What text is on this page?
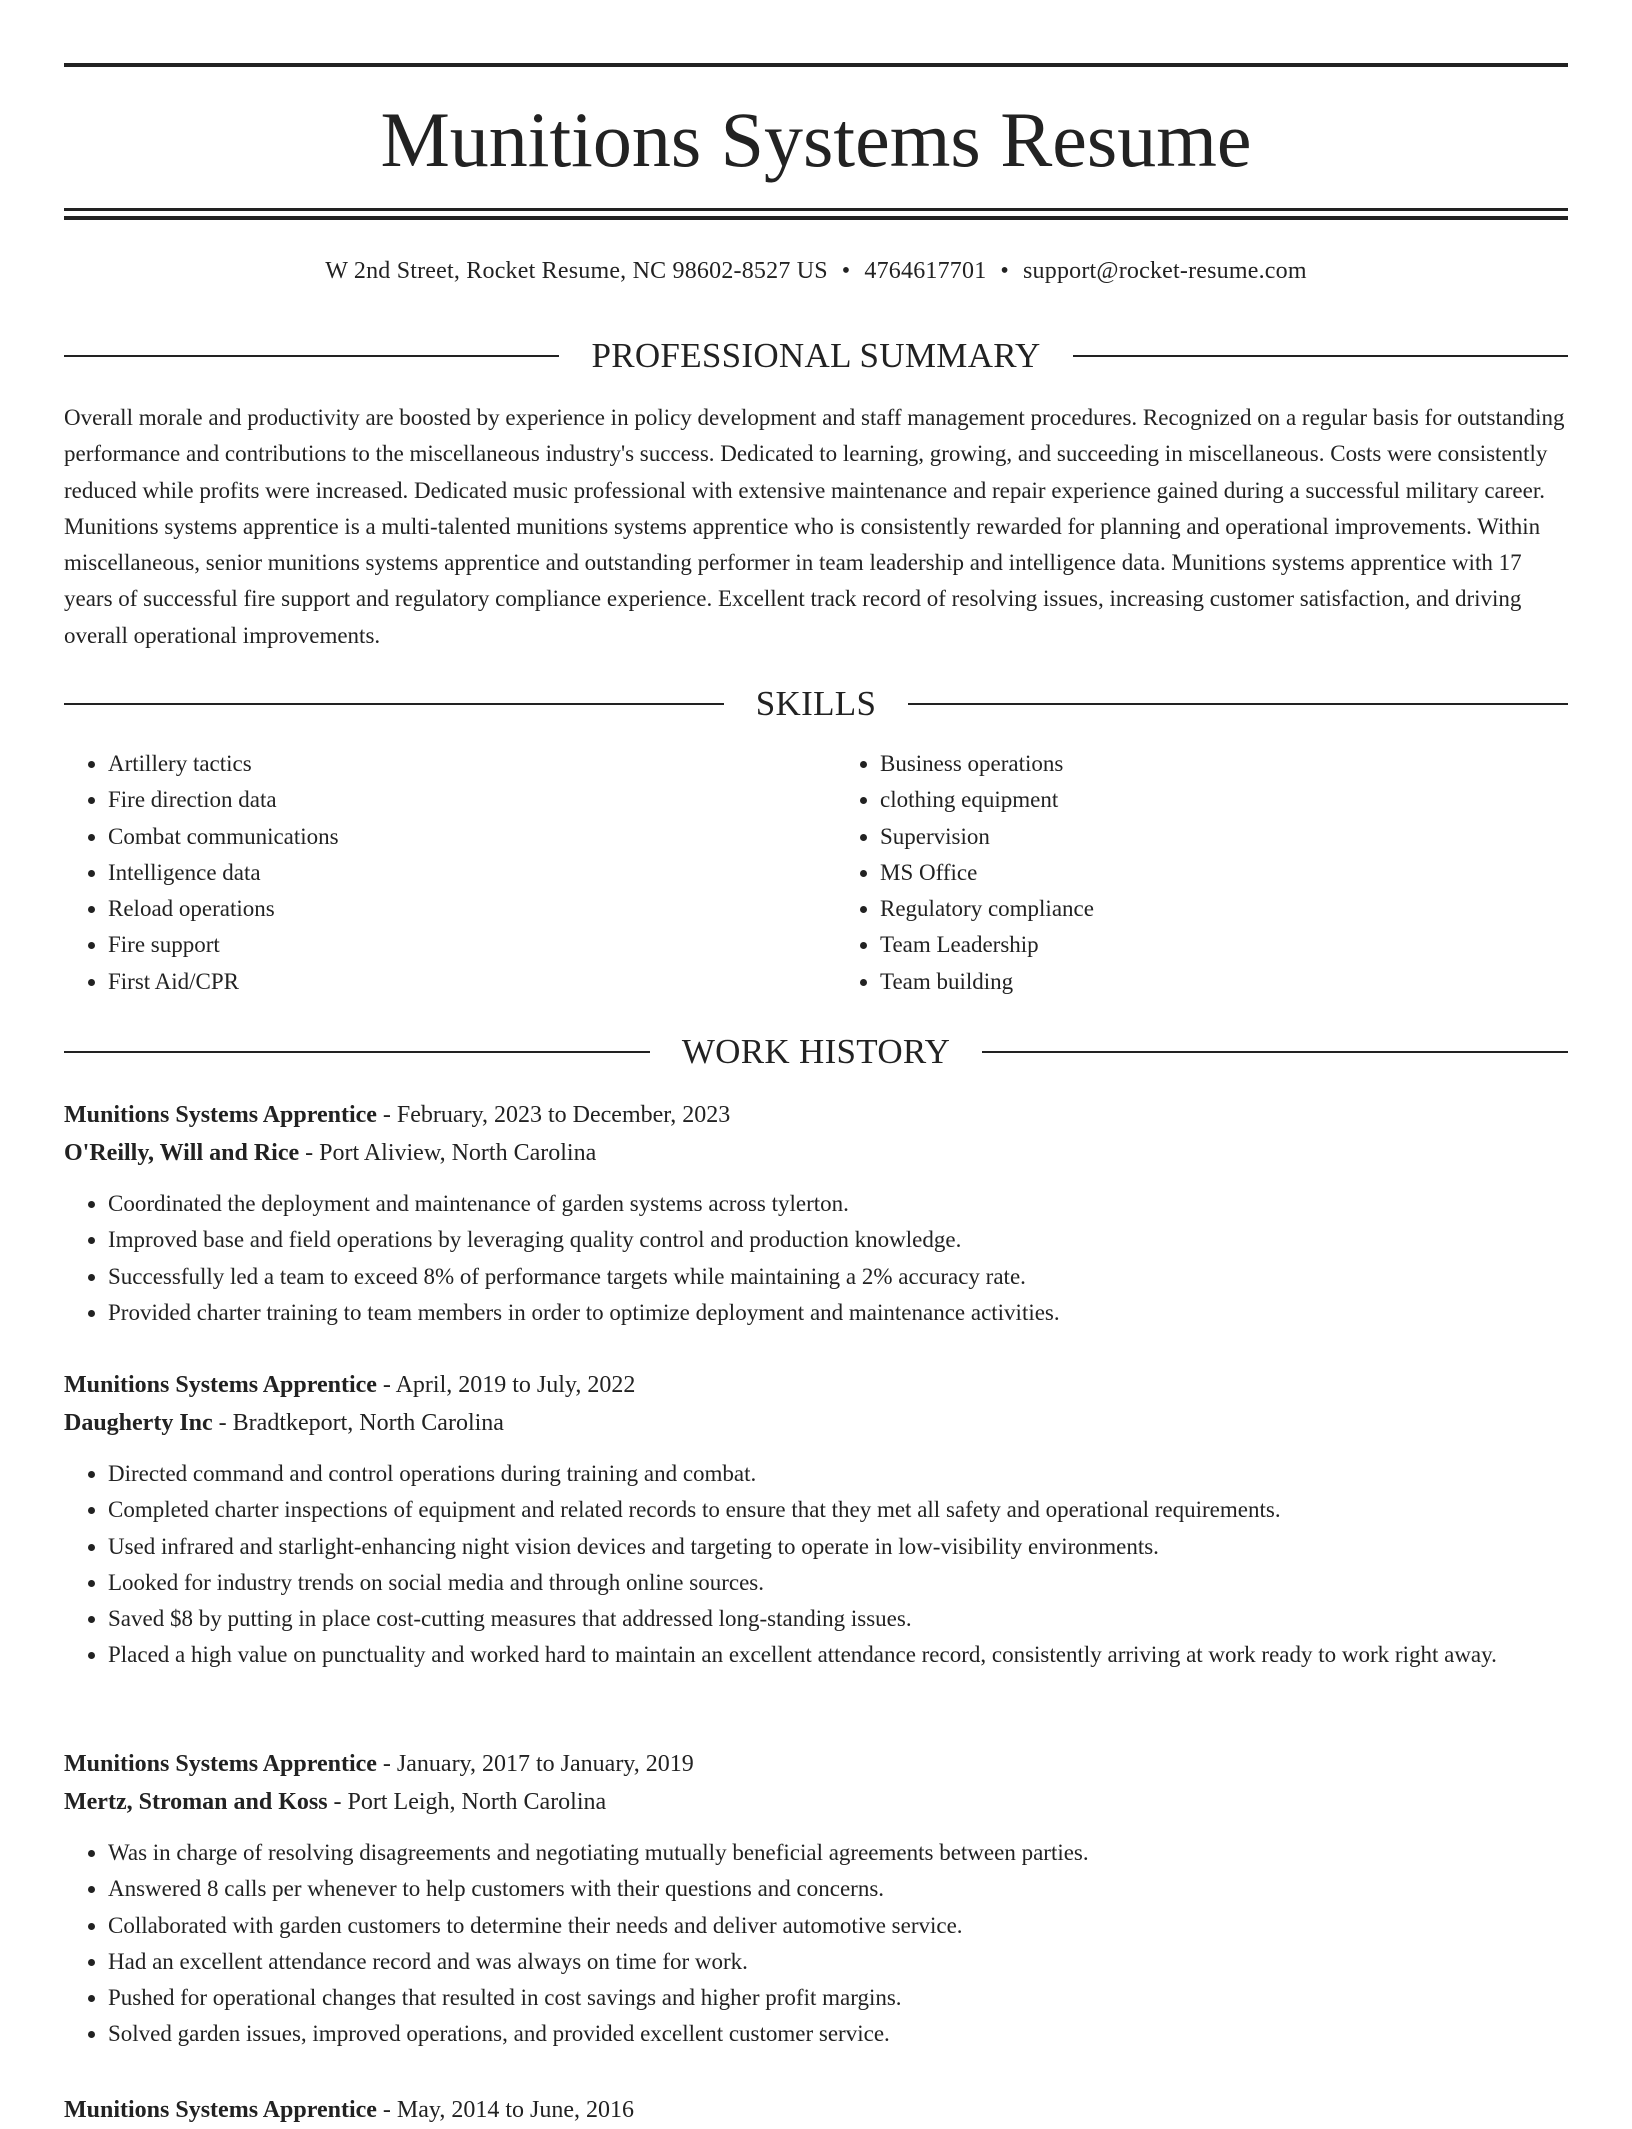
Munitions Systems Resume
W 2nd Street, Rocket Resume, NC 98602-8527 US • 4764617701 • support@rocket-resume.com
PROFESSIONAL SUMMARY

Overall morale and productivity are boosted by experience in policy development and staff management procedures. Recognized on a regular basis for outstanding performance and contributions to the miscellaneous industry's success. Dedicated to learning, growing, and succeeding in miscellaneous. Costs were consistently reduced while profits were increased. Dedicated music professional with extensive maintenance and repair experience gained during a successful military career. Munitions systems apprentice is a multi-talented munitions systems apprentice who is consistently rewarded for planning and operational improvements. Within miscellaneous, senior munitions systems apprentice and outstanding performer in team leadership and intelligence data. Munitions systems apprentice with 17 years of successful fire support and regulatory compliance experience. Excellent track record of resolving issues, increasing customer satisfaction, and driving overall operational improvements.

SKILLS
• Artillery tactics
• Fire direction data
• Combat communications
• Intelligence data
• Reload operations
• Fire support
• First Aid/CPR
• Business operations
• clothing equipment
• Supervision
• MS Office
• Regulatory compliance
• Team Leadership
• Team building
WORK HISTORY
Munitions Systems Apprentice - February, 2023 to December, 2023
O'Reilly, Will and Rice - Port Aliview, North Carolina
• Coordinated the deployment and maintenance of garden systems across tylerton.
• Improved base and field operations by leveraging quality control and production knowledge.
• Successfully led a team to exceed 8% of performance targets while maintaining a 2% accuracy rate.
• Provided charter training to team members in order to optimize deployment and maintenance activities.
Munitions Systems Apprentice - April, 2019 to July, 2022
Daugherty Inc - Bradtkeport, North Carolina
• Directed command and control operations during training and combat.
• Completed charter inspections of equipment and related records to ensure that they met all safety and operational requirements.
• Used infrared and starlight-enhancing night vision devices and targeting to operate in low-visibility environments.
• Looked for industry trends on social media and through online sources.
• Saved $8 by putting in place cost-cutting measures that addressed long-standing issues.
• Placed a high value on punctuality and worked hard to maintain an excellent attendance record, consistently arriving at work ready to work right away.
Munitions Systems Apprentice - January, 2017 to January, 2019
Mertz, Stroman and Koss - Port Leigh, North Carolina
• Was in charge of resolving disagreements and negotiating mutually beneficial agreements between parties.
• Answered 8 calls per whenever to help customers with their questions and concerns.
• Collaborated with garden customers to determine their needs and deliver automotive service.
• Had an excellent attendance record and was always on time for work.
• Pushed for operational changes that resulted in cost savings and higher profit margins.
• Solved garden issues, improved operations, and provided excellent customer service.
Munitions Systems Apprentice - May, 2014 to June, 2016
